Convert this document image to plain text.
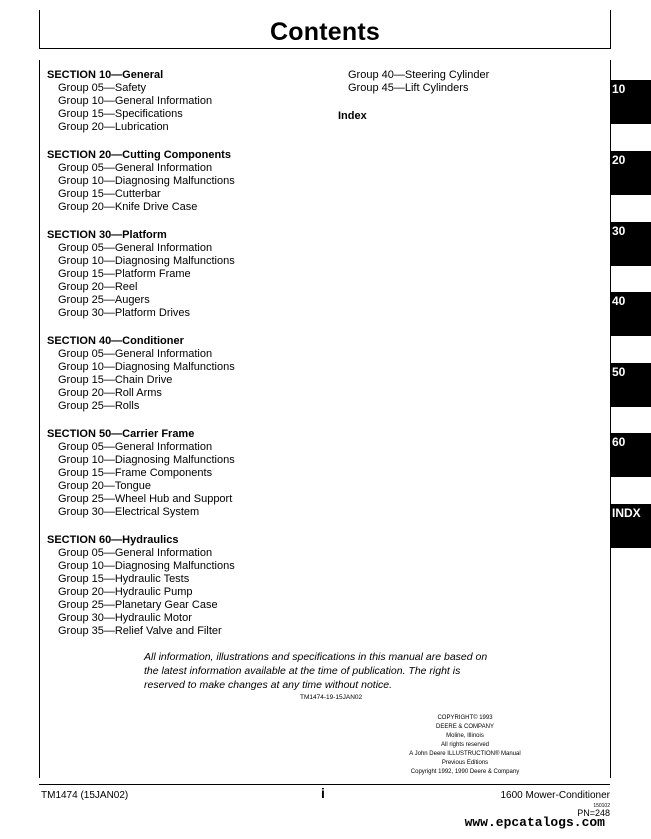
Contents
SECTION 10—General
Group 05—Safety
Group 10—General Information
Group 15—Specifications
Group 20—Lubrication
SECTION 20—Cutting Components
Group 05—General Information
Group 10—Diagnosing Malfunctions
Group 15—Cutterbar
Group 20—Knife Drive Case
SECTION 30—Platform
Group 05—General Information
Group 10—Diagnosing Malfunctions
Group 15—Platform Frame
Group 20—Reel
Group 25—Augers
Group 30—Platform Drives
SECTION 40—Conditioner
Group 05—General Information
Group 10—Diagnosing Malfunctions
Group 15—Chain Drive
Group 20—Roll Arms
Group 25—Rolls
SECTION 50—Carrier Frame
Group 05—General Information
Group 10—Diagnosing Malfunctions
Group 15—Frame Components
Group 20—Tongue
Group 25—Wheel Hub and Support
Group 30—Electrical System
SECTION 60—Hydraulics
Group 05—General Information
Group 10—Diagnosing Malfunctions
Group 15—Hydraulic Tests
Group 20—Hydraulic Pump
Group 25—Planetary Gear Case
Group 30—Hydraulic Motor
Group 35—Relief Valve and Filter
Group 40—Steering Cylinder
Group 45—Lift Cylinders
Index
10
20
30
40
50
60
INDX
All information, illustrations and specifications in this manual are based on
the latest information available at the time of publication. The right is
reserved to make changes at any time without notice.
TM1474-19-15JAN02
COPYRIGHT© 1993
DEERE & COMPANY
Moline, Illinois
All rights reserved
A John Deere ILLUSTRUCTION® Manual
Previous Editions
Copyright 1992, 1990 Deere & Company
TM1474 (15JAN02)	i	1600 Mower-Conditioner
150102
PN=248
www.epcatalogs.com
